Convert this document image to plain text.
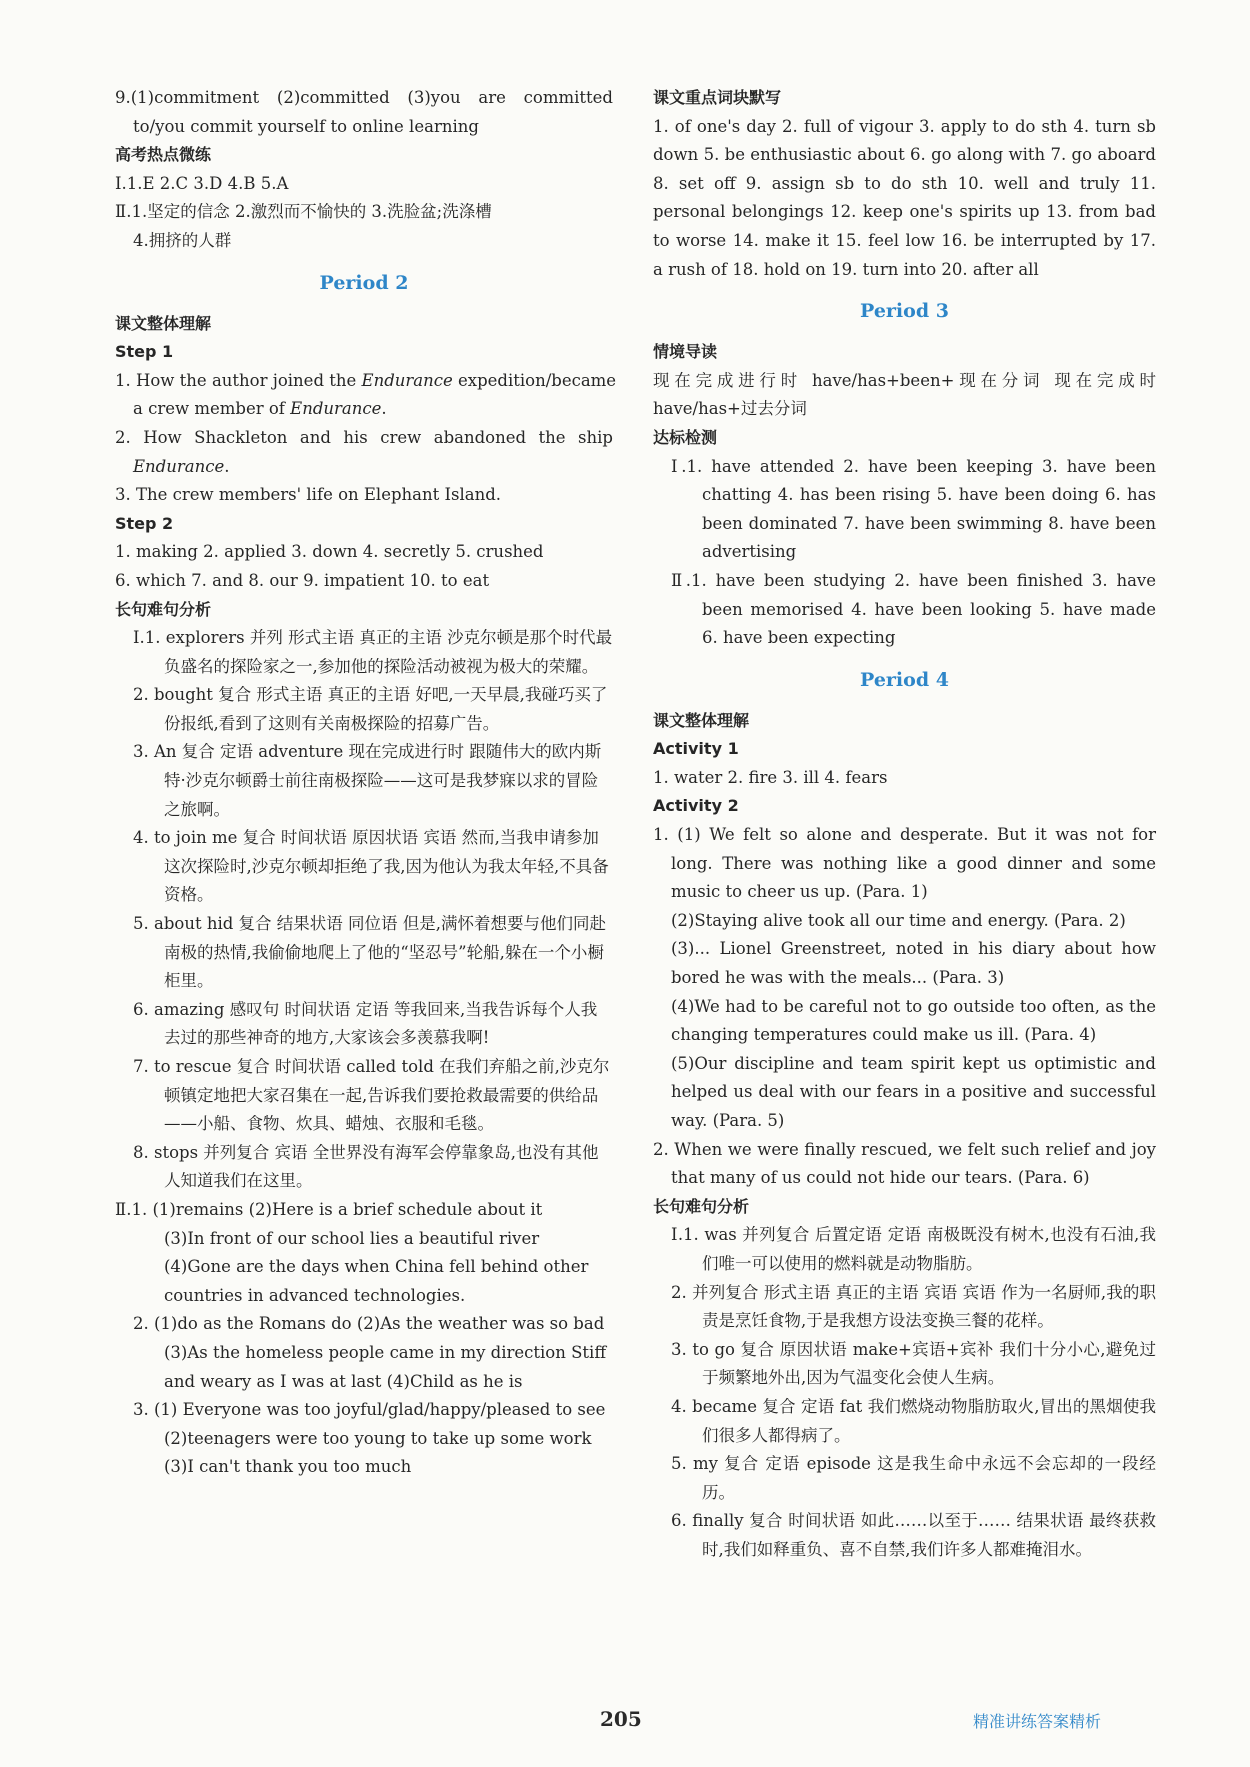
9.(1)commitment (2)committed (3)you are committed
to/you commit yourself to online learning
高考热点微练
Ⅰ.1.E 2.C 3.D 4.B 5.A
Ⅱ.1.坚定的信念 2.激烈而不愉快的 3.洗脸盆;洗涤槽
4.拥挤的人群
Period 2
课文整体理解
Step 1
1. How the author joined the Endurance expedition/became
a crew member of Endurance.
2. How Shackleton and his crew abandoned the ship
Endurance.
3. The crew members' life on Elephant Island.
Step 2
1. making 2. applied 3. down 4. secretly 5. crushed
6. which 7. and 8. our 9. impatient 10. to eat
长句难句分析
Ⅰ.1. explorers 并列 形式主语 真正的主语 沙克尔顿是那个时代最负盛名的探险家之一,参加他的探险活动被视为极大的荣耀。
2. bought 复合 形式主语 真正的主语 好吧,一天早晨,我碰巧买了份报纸,看到了这则有关南极探险的招募广告。
3. An 复合 定语 adventure 现在完成进行时 跟随伟大的欧内斯特·沙克尔顿爵士前往南极探险——这可是我梦寐以求的冒险之旅啊。
4. to join me 复合 时间状语 原因状语 宾语 然而,当我申请参加这次探险时,沙克尔顿却拒绝了我,因为他认为我太年轻,不具备资格。
5. about hid 复合 结果状语 同位语 但是,满怀着想要与他们同赴南极的热情,我偷偷地爬上了他的“坚忍号”轮船,躲在一个小橱柜里。
6. amazing 感叹句 时间状语 定语 等我回来,当我告诉每个人我去过的那些神奇的地方,大家该会多羡慕我啊!
7. to rescue 复合 时间状语 called told 在我们弃船之前,沙克尔顿镇定地把大家召集在一起,告诉我们要抢救最需要的供给品——小船、食物、炊具、蜡烛、衣服和毛毯。
8. stops 并列复合 宾语 全世界没有海军会停靠象岛,也没有其他人知道我们在这里。
Ⅱ.1. (1)remains (2)Here is a brief schedule about it
(3)In front of our school lies a beautiful river
(4)Gone are the days when China fell behind other countries in advanced technologies.
2. (1)do as the Romans do (2)As the weather was so bad (3)As the homeless people came in my direction Stiff and weary as I was at last (4)Child as he is
3. (1) Everyone was too joyful/glad/happy/pleased to see
(2)teenagers were too young to take up some work
(3)I can't thank you too much
课文重点词块默写
1. of one's day 2. full of vigour 3. apply to do sth 4. turn sb down 5. be enthusiastic about 6. go along with 7. go aboard 8. set off 9. assign sb to do sth 10. well and truly 11. personal belongings 12. keep one's spirits up 13. from bad to worse 14. make it 15. feel low 16. be interrupted by 17. a rush of 18. hold on 19. turn into 20. after all
Period 3
情境导读
现在完成进行时 have/has+been+现在分词 现在完成时 have/has+过去分词
达标检测
Ⅰ.1. have attended 2. have been keeping 3. have been chatting 4. has been rising 5. have been doing 6. has been dominated 7. have been swimming 8. have been advertising
Ⅱ.1. have been studying 2. have been finished 3. have been memorised 4. have been looking 5. have made 6. have been expecting
Period 4
课文整体理解
Activity 1
1. water 2. fire 3. ill 4. fears
Activity 2
1. (1) We felt so alone and desperate. But it was not for long. There was nothing like a good dinner and some music to cheer us up. (Para. 1)
(2)Staying alive took all our time and energy. (Para. 2)
(3)... Lionel Greenstreet, noted in his diary about how bored he was with the meals... (Para. 3)
(4)We had to be careful not to go outside too often, as the changing temperatures could make us ill. (Para. 4)
(5)Our discipline and team spirit kept us optimistic and helped us deal with our fears in a positive and successful way. (Para. 5)
2. When we were finally rescued, we felt such relief and joy that many of us could not hide our tears. (Para. 6)
长句难句分析
Ⅰ.1. was 并列复合 后置定语 定语 南极既没有树木,也没有石油,我们唯一可以使用的燃料就是动物脂肪。
2. 并列复合 形式主语 真正的主语 宾语 宾语 作为一名厨师,我的职责是烹饪食物,于是我想方设法变换三餐的花样。
3. to go 复合 原因状语 make+宾语+宾补 我们十分小心,避免过于频繁地外出,因为气温变化会使人生病。
4. became 复合 定语 fat 我们燃烧动物脂肪取火,冒出的黑烟使我们很多人都得病了。
5. my 复合 定语 episode 这是我生命中永远不会忘却的一段经历。
6. finally 复合 时间状语 如此……以至于…… 结果状语 最终获救时,我们如释重负、喜不自禁,我们许多人都难掩泪水。
205	精准讲练答案精析
